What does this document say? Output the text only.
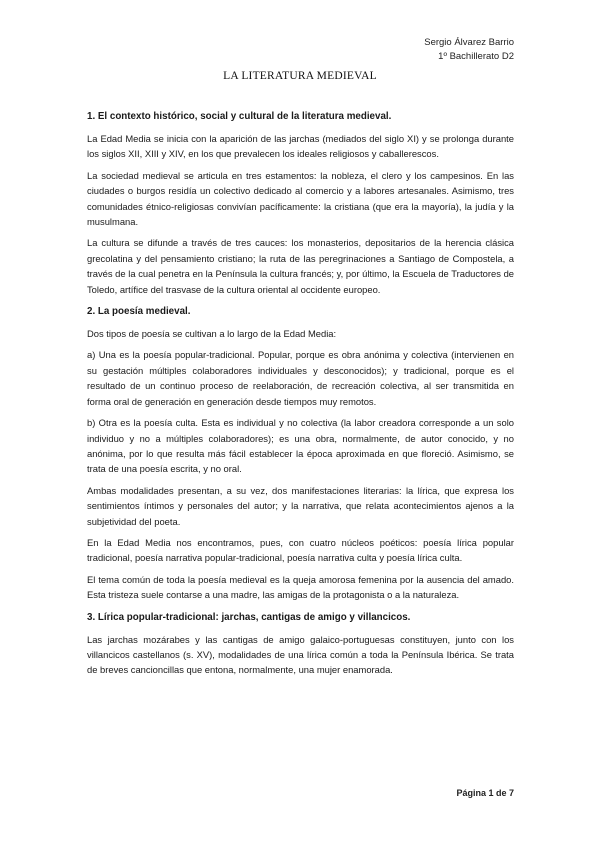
Sergio Álvarez Barrio
1º Bachillerato D2
LA LITERATURA MEDIEVAL
1. El contexto histórico, social y cultural de la literatura medieval.

La Edad Media se inicia con la aparición de las jarchas (mediados del siglo XI) y se prolonga durante los siglos XII, XIII y XIV, en los que prevalecen los ideales religiosos y caballerescos.

La sociedad medieval se articula en tres estamentos: la nobleza, el clero y los campesinos. En las ciudades o burgos residía un colectivo dedicado al comercio y a labores artesanales. Asimismo, tres comunidades étnico-religiosas convivían pacíficamente: la cristiana (que era la mayoría), la judía y la musulmana.

La cultura se difunde a través de tres cauces: los monasterios, depositarios de la herencia clásica grecolatina y del pensamiento cristiano; la ruta de las peregrinaciones a Santiago de Compostela, a través de la cual penetra en la Península la cultura francés; y, por último, la Escuela de Traductores de Toledo, artífice del trasvase de la cultura oriental al occidente europeo.

2. La poesía medieval.

Dos tipos de poesía se cultivan a lo largo de la Edad Media:

a) Una es la poesía popular-tradicional. Popular, porque es obra anónima y colectiva (intervienen en su gestación múltiples colaboradores individuales y desconocidos); y tradicional, porque es el resultado de un continuo proceso de reelaboración, de recreación colectiva, al ser transmitida en forma oral de generación en generación desde tiempos muy remotos.

b) Otra es la poesía culta. Esta es individual y no colectiva (la labor creadora corresponde a un solo individuo y no a múltiples colaboradores); es una obra, normalmente, de autor conocido, y no anónima, por lo que resulta más fácil establecer la época aproximada en que floreció. Asimismo, se trata de una poesía escrita, y no oral.

Ambas modalidades presentan, a su vez, dos manifestaciones literarias: la lírica, que expresa los sentimientos íntimos y personales del autor; y la narrativa, que relata acontecimientos ajenos a la subjetividad del poeta.

En la Edad Media nos encontramos, pues, con cuatro núcleos poéticos: poesía lírica popular tradicional, poesía narrativa popular-tradicional, poesía narrativa culta y poesía lírica culta.

El tema común de toda la poesía medieval es la queja amorosa femenina por la ausencia del amado. Esta tristeza suele contarse a una madre, las amigas de la protagonista o a la naturaleza.

3. Lírica popular-tradicional: jarchas, cantigas de amigo y villancicos.

Las jarchas mozárabes y las cantigas de amigo galaico-portuguesas constituyen, junto con los villancicos castellanos (s. XV), modalidades de una lírica común a toda la Península Ibérica. Se trata de breves cancioncillas que entona, normalmente, una mujer enamorada.

Página 1 de 7
